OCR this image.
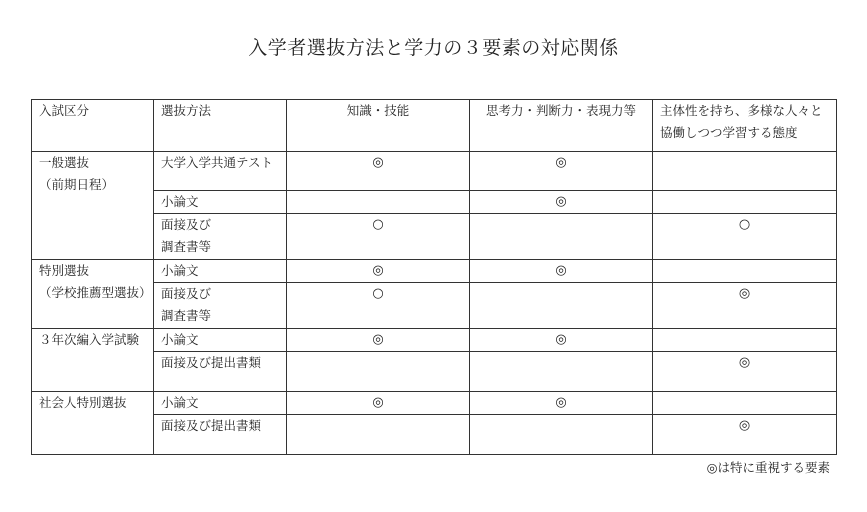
入学者選抜方法と学力の３要素の対応関係
入試区分	選抜方法	知識・技能	思考力・判断力・表現力等	主体性を持ち、多様な人々と
協働しつつ学習する態度

一般選抜
（前期日程）	大学入学共通テスト	◎	◎	
	小論文		◎	

	面接及び
調査書等	○		○

特別選抜
（学校推薦型選抜）	小論文	◎	◎	

	面接及び
調査書等	○		◎

３年次編入学試験	小論文	◎	◎	
	面接及び提出書類			◎

社会人特別選抜	小論文	◎	◎	
	面接及び提出書類			◎
◎は特に重視する要素
